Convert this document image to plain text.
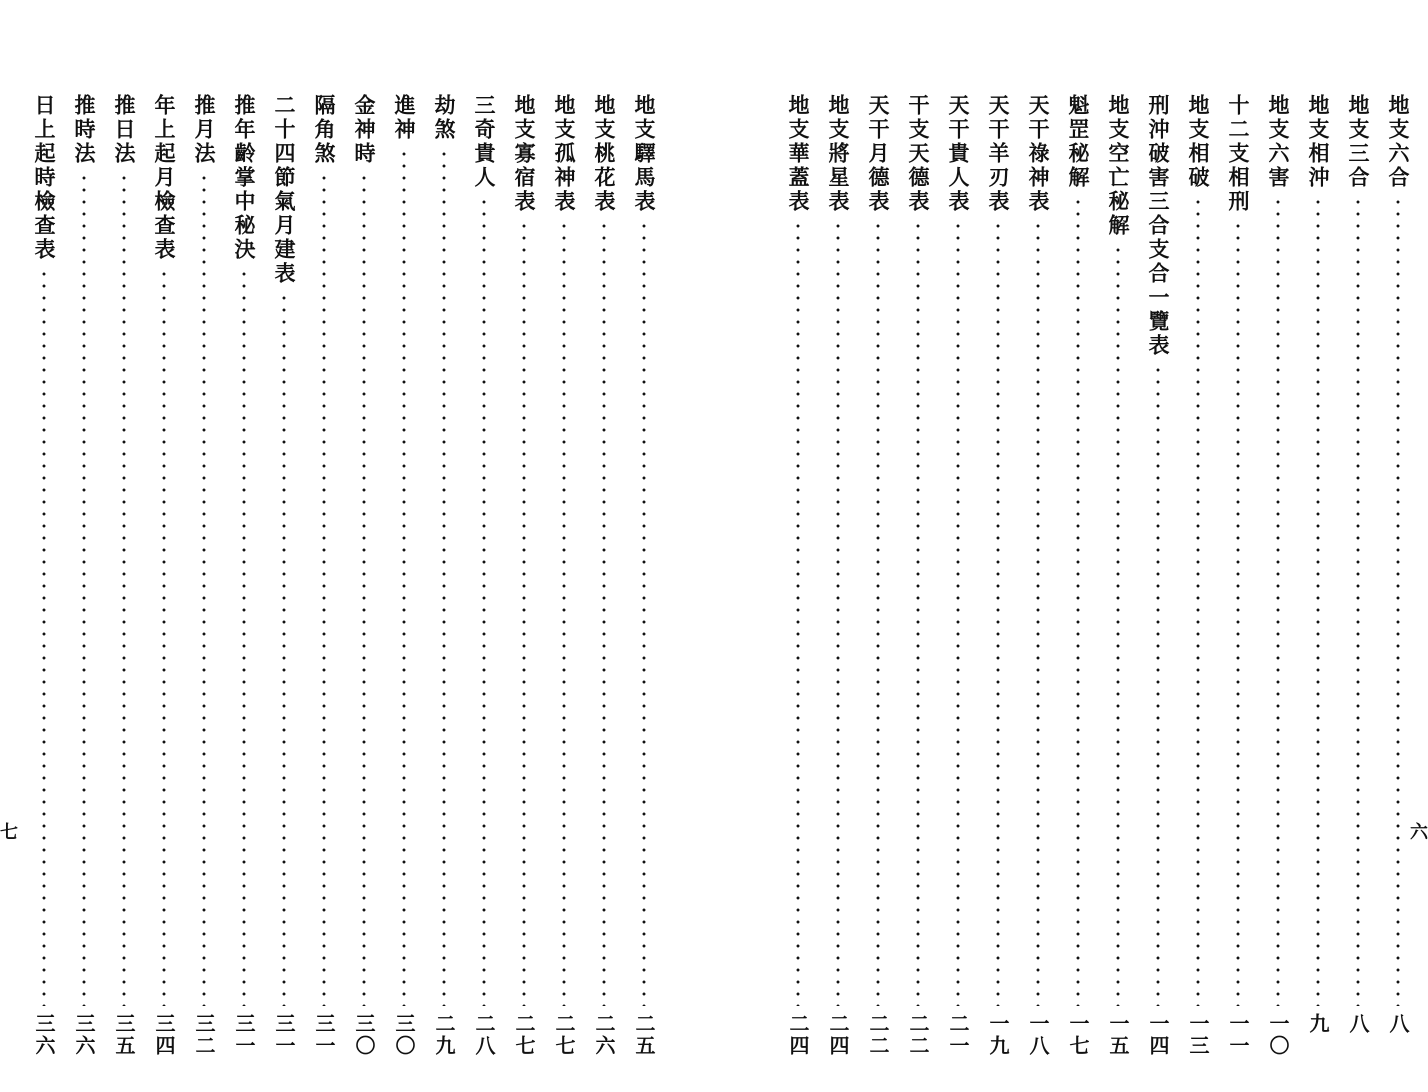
七
地支驛馬表
二五
地支桃花表
二六
地支孤神表
二七
地支寡宿表
二七
三奇貴人
二八
劫煞
二九
進神
三〇
金神時
三〇
隔角煞
三一
二十四節氣月建表
三一
推年齡掌中秘決
三一
推月法
三二
年上起月檢查表
三四
推日法
三五
推時法
三六
日上起時檢查表
三六
六
地支六合
八
地支三合
八
地支相沖
九
地支六害
一〇
十二支相刑
一一
地支相破
一三
刑沖破害三合支合一覽表
一四
地支空亡秘解
一五
魁罡秘解
一七
天干祿神表
一八
天干羊刃表
一九
天干貴人表
二一
干支天德表
二二
天干月德表
二二
地支將星表
二四
地支華蓋表
二四
